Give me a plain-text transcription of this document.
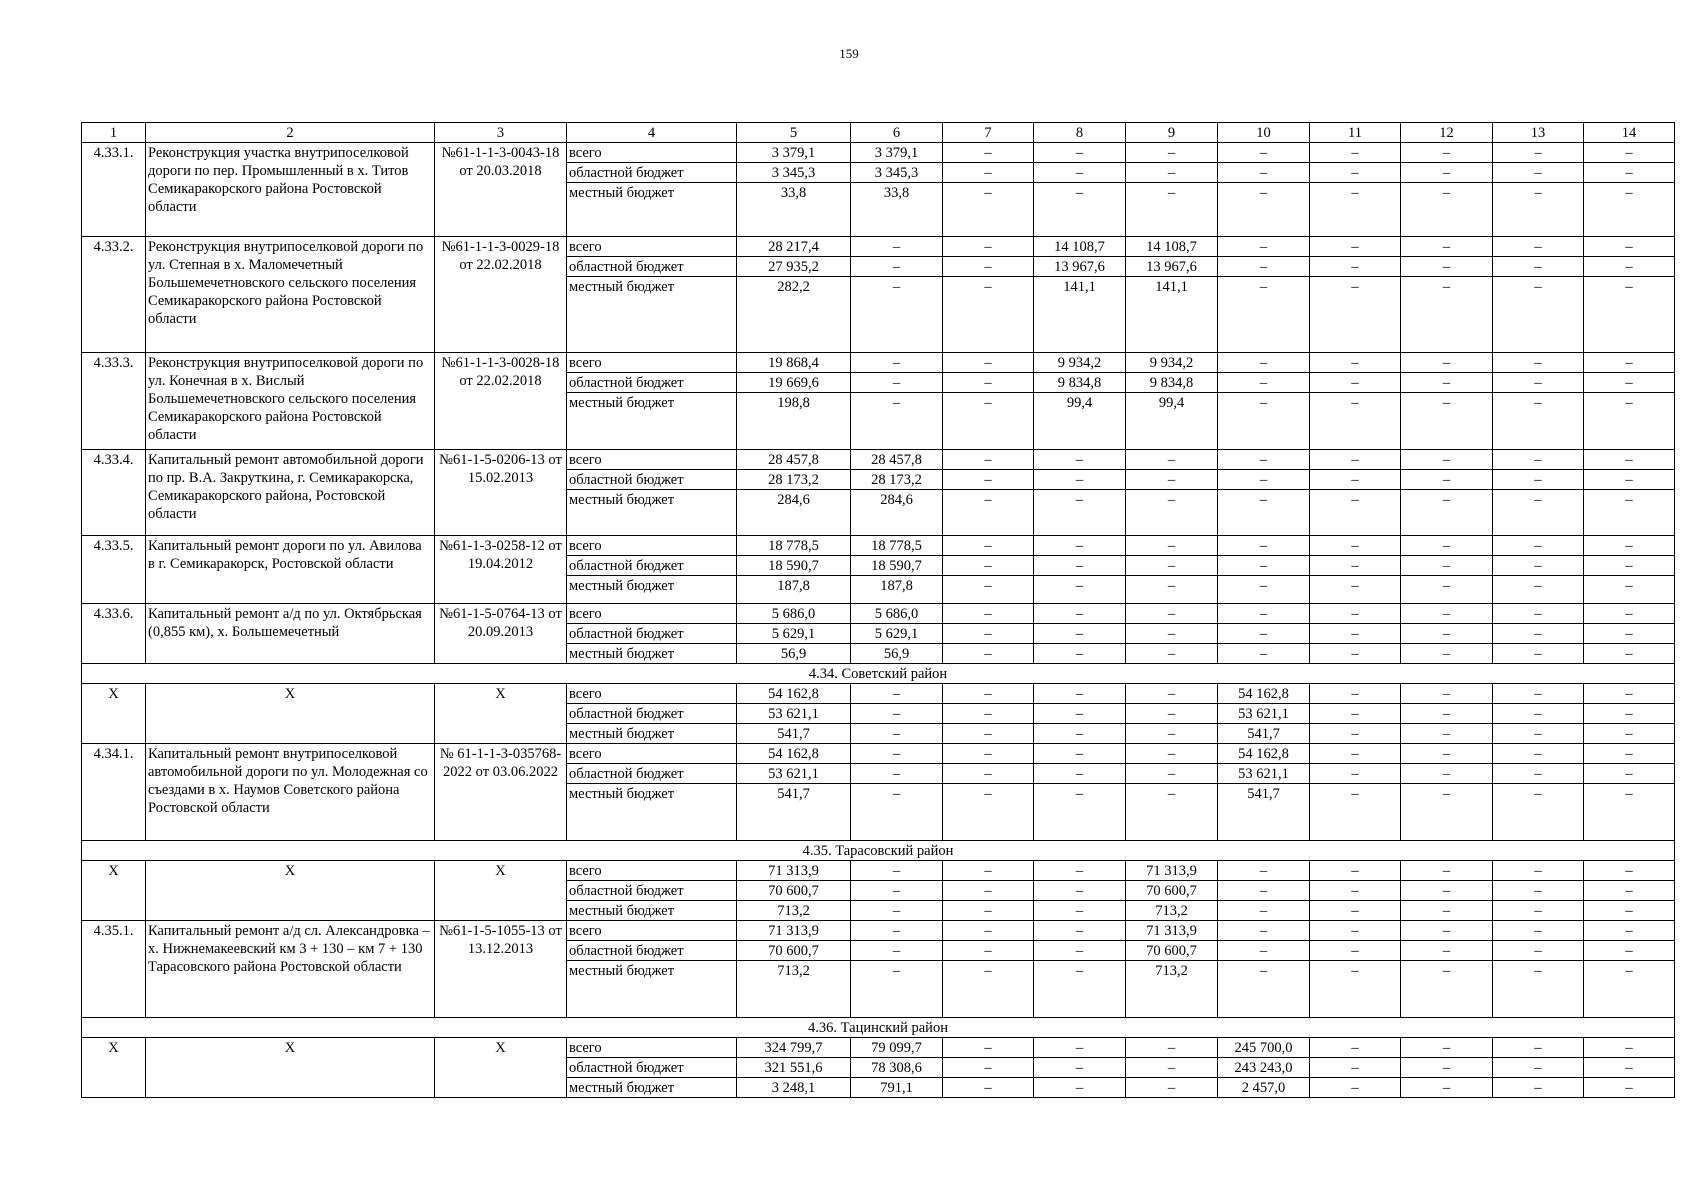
159
1	2	3	4	5	6	7	8	9	10	11	12	13	14
4.33.1.	Реконструкция участка внутрипоселковой дороги по пер. Промышленный в х. Титов Семикаракорского района Ростовской области	№61-1-1-3-0043-18 от 20.03.2018	всего	3 379,1	3 379,1	–	–	–	–	–	–	–	–
			областной бюджет	3 345,3	3 345,3	–	–	–	–	–	–	–	–
			местный бюджет	33,8	33,8	–	–	–	–	–	–	–	–
4.33.2.	Реконструкция внутрипоселковой дороги по ул. Степная в х. Маломечетный Большемечетновского сельского поселения Семикаракорского района Ростовской области	№61-1-1-3-0029-18 от 22.02.2018	всего	28 217,4	–	–	14 108,7	14 108,7	–	–	–	–	–
			областной бюджет	27 935,2	–	–	13 967,6	13 967,6	–	–	–	–	–
			местный бюджет	282,2	–	–	141,1	141,1	–	–	–	–	–
4.33.3.	Реконструкция внутрипоселковой дороги по ул. Конечная в х. Вислый Большемечетновского сельского поселения Семикаракорского района Ростовской области	№61-1-1-3-0028-18 от 22.02.2018	всего	19 868,4	–	–	9 934,2	9 934,2	–	–	–	–	–
			областной бюджет	19 669,6	–	–	9 834,8	9 834,8	–	–	–	–	–
			местный бюджет	198,8	–	–	99,4	99,4	–	–	–	–	–
4.33.4.	Капитальный ремонт автомобильной дороги по пр. В.А. Закруткина, г. Семикаракорска, Семикаракорского района, Ростовской области	№61-1-5-0206-13 от 15.02.2013	всего	28 457,8	28 457,8	–	–	–	–	–	–	–	–
			областной бюджет	28 173,2	28 173,2	–	–	–	–	–	–	–	–
			местный бюджет	284,6	284,6	–	–	–	–	–	–	–	–
4.33.5.	Капитальный ремонт дороги по ул. Авилова в г. Семикаракорск, Ростовской области	№61-1-3-0258-12 от 19.04.2012	всего	18 778,5	18 778,5	–	–	–	–	–	–	–	–
			областной бюджет	18 590,7	18 590,7	–	–	–	–	–	–	–	–
			местный бюджет	187,8	187,8	–	–	–	–	–	–	–	–
4.33.6.	Капитальный ремонт а/д по ул. Октябрьская (0,855 км), х. Большемечетный	№61-1-5-0764-13 от 20.09.2013	всего	5 686,0	5 686,0	–	–	–	–	–	–	–	–
			областной бюджет	5 629,1	5 629,1	–	–	–	–	–	–	–	–
			местный бюджет	56,9	56,9	–	–	–	–	–	–	–	–
4.34. Советский район													
X	X	X	всего	54 162,8	–	–	–	–	54 162,8	–	–	–	–
			областной бюджет	53 621,1	–	–	–	–	53 621,1	–	–	–	–
			местный бюджет	541,7	–	–	–	–	541,7	–	–	–	–
4.34.1.	Капитальный ремонт внутрипоселковой автомобильной дороги по ул. Молодежная со съездами в х. Наумов Советского района Ростовской области	№ 61-1-1-3-035768-2022 от 03.06.2022	всего	54 162,8	–	–	–	–	54 162,8	–	–	–	–
			областной бюджет	53 621,1	–	–	–	–	53 621,1	–	–	–	–
			местный бюджет	541,7	–	–	–	–	541,7	–	–	–	–
4.35. Тарасовский район													
X	X	X	всего	71 313,9	–	–	–	71 313,9	–	–	–	–	–
			областной бюджет	70 600,7	–	–	–	70 600,7	–	–	–	–	–
			местный бюджет	713,2	–	–	–	713,2	–	–	–	–	–
4.35.1.	Капитальный ремонт а/д сл. Александровка – х. Нижнемакеевский км 3 + 130 – км 7 + 130 Тарасовского района Ростовской области	№61-1-5-1055-13 от 13.12.2013	всего	71 313,9	–	–	–	71 313,9	–	–	–	–	–
			областной бюджет	70 600,7	–	–	–	70 600,7	–	–	–	–	–
			местный бюджет	713,2	–	–	–	713,2	–	–	–	–	–
4.36. Тацинский район													
X	X	X	всего	324 799,7	79 099,7	–	–	–	245 700,0	–	–	–	–
			областной бюджет	321 551,6	78 308,6	–	–	–	243 243,0	–	–	–	–
			местный бюджет	3 248,1	791,1	–	–	–	2 457,0	–	–	–	–
